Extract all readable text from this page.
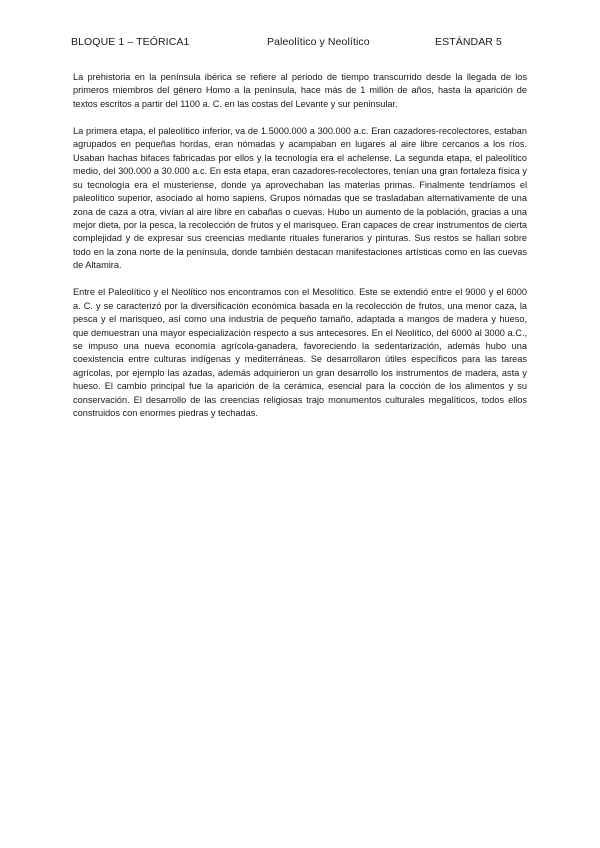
BLOQUE 1 – TEÓRICA1	Paleolítico y Neolítico	ESTÁNDAR 5

La prehistoria en la península ibérica se refiere al periodo de tiempo transcurrido desde la llegada de los primeros miembros del género Homo a la península, hace más de 1 millón de años, hasta la aparición de textos escritos a partir del 1100 a. C. en las costas del Levante y sur peninsular.

La primera etapa, el paleolítico inferior, va de 1.5000.000 a 300.000 a.c. Eran cazadores-recolectores, estaban agrupados en pequeñas hordas, eran nómadas y acampaban en lugares al aire libre cercanos a los ríos. Usaban hachas bifaces fabricadas por ellos y la tecnología era el achelense. La segunda etapa, el paleolítico medio, del 300.000 a 30.000 a.c. En esta etapa, eran cazadores-recolectores, tenían una gran fortaleza física y su tecnología era el musteriense, donde ya aprovechaban las materias primas. Finalmente tendríamos el paleolítico superior, asociado al homo sapiens. Grupos nómadas que se trasladaban alternativamente de una zona de caza a otra, vivían al aire libre en cabañas o cuevas. Hubo un aumento de la población, gracias a una mejor dieta, por la pesca, la recolección de frutos y el marisqueo. Eran capaces de crear instrumentos de cierta complejidad y de expresar sus creencias mediante rituales funerarios y pinturas. Sus restos se hallan sobre todo en la zona norte de la península, donde también destacan manifestaciones artísticas como en las cuevas de Altamira.

Entre el Paleolítico y el Neolítico nos encontramos con el Mesolítico. Este se extendió entre el 9000 y el 6000 a. C. y se caracterizó por la diversificación económica basada en la recolección de frutos, una menor caza, la pesca y el marisqueo, así como una industria de pequeño tamaño, adaptada a mangos de madera y hueso, que demuestran una mayor especialización respecto a sus antecesores. En el Neolítico, del 6000 al 3000 a.C., se impuso una nueva economía agrícola-ganadera, favoreciendo la sedentarización, además hubo una coexistencia entre culturas indígenas y mediterráneas. Se desarrollaron útiles específicos para las tareas agrícolas, por ejemplo las azadas, además adquirieron un gran desarrollo los instrumentos de madera, asta y hueso. El cambio principal fue la aparición de la cerámica, esencial para la cocción de los alimentos y su conservación. El desarrollo de las creencias religiosas trajo monumentos culturales megalíticos, todos ellos construidos con enormes piedras y techadas.
